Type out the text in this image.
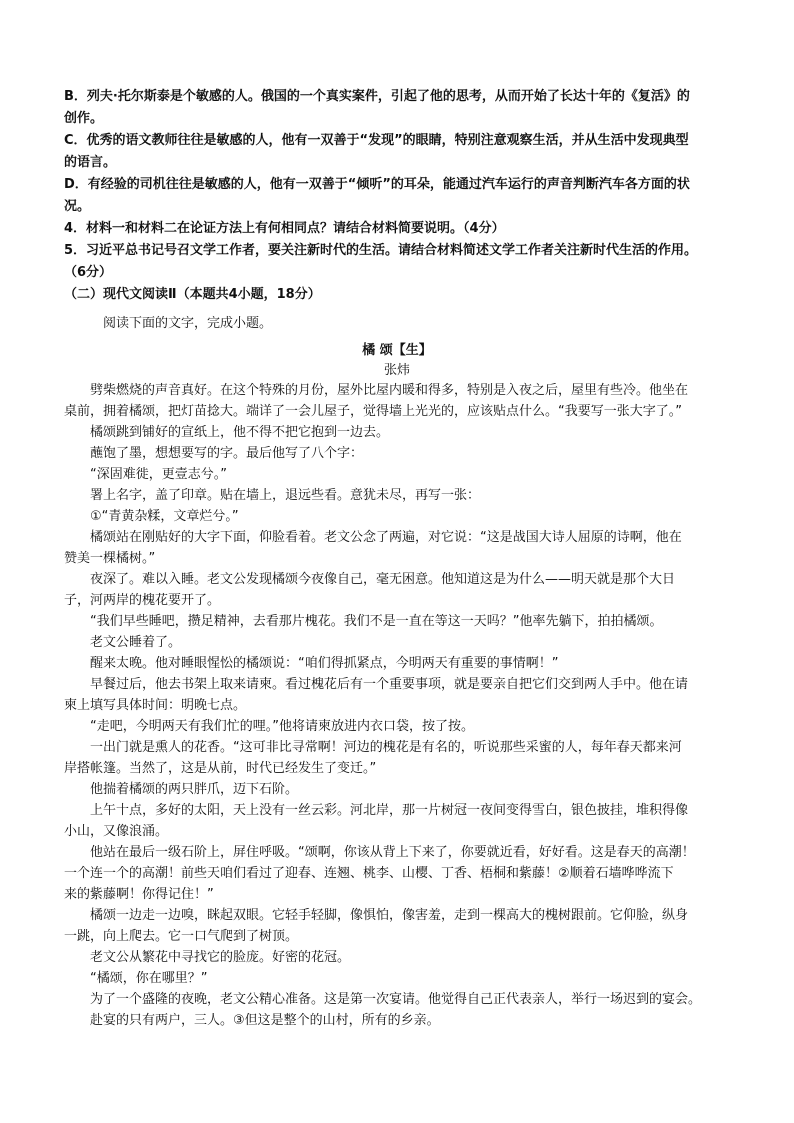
B．列夫·托尔斯泰是个敏感的人。俄国的一个真实案件，引起了他的思考，从而开始了长达十年的《复活》的
创作。
C．优秀的语文教师往往是敏感的人，他有一双善于“发现”的眼睛，特别注意观察生活，并从生活中发现典型
的语言。
D．有经验的司机往往是敏感的人，他有一双善于“倾听”的耳朵，能通过汽车运行的声音判断汽车各方面的状
况。
4．材料一和材料二在论证方法上有何相同点？请结合材料简要说明。（4分）
5．习近平总书记号召文学工作者，要关注新时代的生活。请结合材料简述文学工作者关注新时代生活的作用。
（6分）
（二）现代文阅读Ⅱ（本题共4小题，18分）
阅读下面的文字，完成小题。
橘 颂【生】
张炜
劈柴燃烧的声音真好。在这个特殊的月份，屋外比屋内暖和得多，特别是入夜之后，屋里有些冷。他坐在
桌前，拥着橘颂，把灯苗捻大。端详了一会儿屋子，觉得墙上光光的，应该贴点什么。“我要写一张大字了。”
橘颂跳到铺好的宣纸上，他不得不把它抱到一边去。
蘸饱了墨，想想要写的字。最后他写了八个字：
“深固难徙，更壹志兮。”
署上名字，盖了印章。贴在墙上，退远些看。意犹未尽，再写一张：
①“青黄杂糅，文章烂兮。”
橘颂站在刚贴好的大字下面，仰脸看着。老文公念了两遍，对它说：“这是战国大诗人屈原的诗啊，他在
赞美一棵橘树。”
夜深了。难以入睡。老文公发现橘颂今夜像自己，毫无困意。他知道这是为什么——明天就是那个大日
子，河两岸的槐花要开了。
“我们早些睡吧，攒足精神，去看那片槐花。我们不是一直在等这一天吗？”他率先躺下，拍拍橘颂。
老文公睡着了。
醒来太晚。他对睡眼惺忪的橘颂说：“咱们得抓紧点，今明两天有重要的事情啊！”
早餐过后，他去书架上取来请柬。看过槐花后有一个重要事项，就是要亲自把它们交到两人手中。他在请
柬上填写具体时间：明晚七点。
“走吧，今明两天有我们忙的哩。”他将请柬放进内衣口袋，按了按。
一出门就是熏人的花香。“这可非比寻常啊！河边的槐花是有名的，听说那些采蜜的人，每年春天都来河
岸搭帐篷。当然了，这是从前，时代已经发生了变迁。”
他揣着橘颂的两只胖爪，迈下石阶。
上午十点，多好的太阳，天上没有一丝云彩。河北岸，那一片树冠一夜间变得雪白，银色披挂，堆积得像
小山，又像浪涌。
他站在最后一级石阶上，屏住呼吸。“颂啊，你该从背上下来了，你要就近看，好好看。这是春天的高潮！
一个连一个的高潮！前些天咱们看过了迎春、连翘、桃李、山樱、丁香、梧桐和紫藤！②顺着石墙哗哗流下
来的紫藤啊！你得记住！”
橘颂一边走一边嗅，眯起双眼。它轻手轻脚，像惧怕，像害羞，走到一棵高大的槐树跟前。它仰脸，纵身
一跳，向上爬去。它一口气爬到了树顶。
老文公从繁花中寻找它的脸庞。好密的花冠。
“橘颂，你在哪里？”
为了一个盛隆的夜晚，老文公精心准备。这是第一次宴请。他觉得自己正代表亲人，举行一场迟到的宴会。
赴宴的只有两户，三人。③但这是整个的山村，所有的乡亲。
